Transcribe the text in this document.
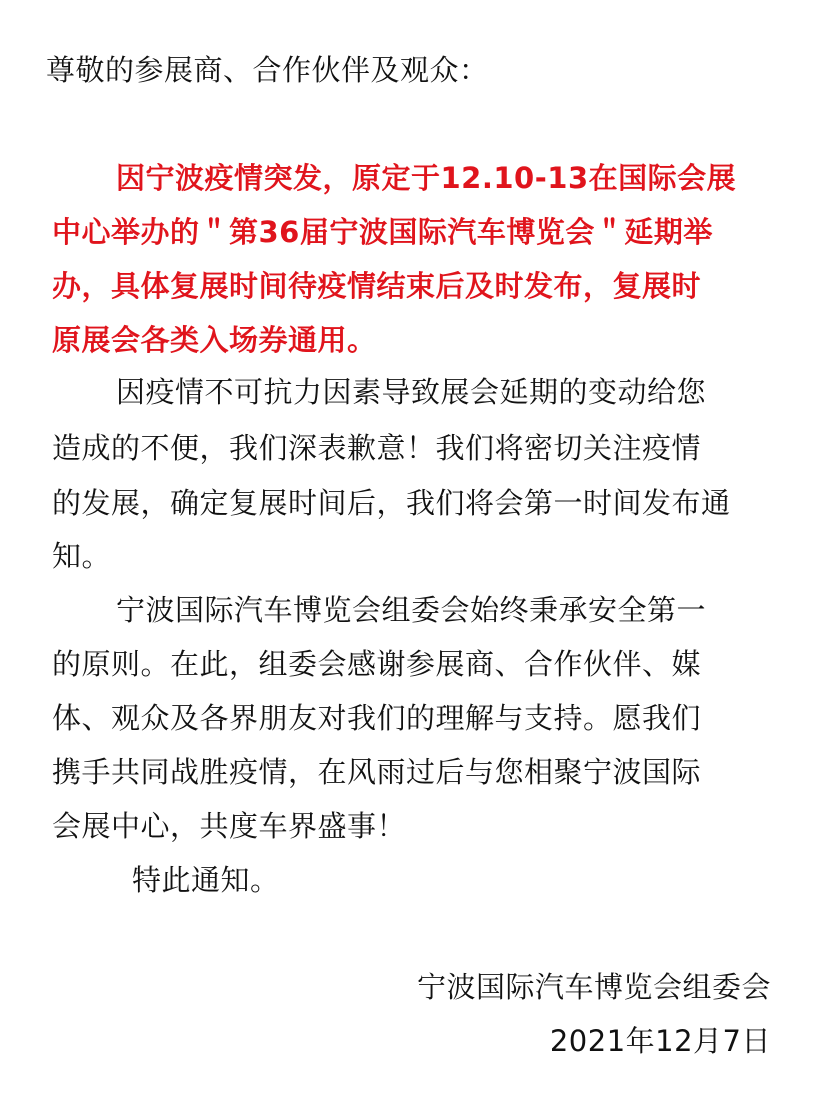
尊敬的参展商、合作伙伴及观众：
因宁波疫情突发，原定于12.10-13在国际会展
中心举办的＂第36届宁波国际汽车博览会＂延期举
办，具体复展时间待疫情结束后及时发布，复展时
原展会各类入场券通用。
因疫情不可抗力因素导致展会延期的变动给您
造成的不便，我们深表歉意！我们将密切关注疫情
的发展，确定复展时间后，我们将会第一时间发布通
知。
宁波国际汽车博览会组委会始终秉承安全第一
的原则。在此，组委会感谢参展商、合作伙伴、媒
体、观众及各界朋友对我们的理解与支持。愿我们
携手共同战胜疫情，在风雨过后与您相聚宁波国际
会展中心，共度车界盛事！
特此通知。
宁波国际汽车博览会组委会
2021年12月7日
